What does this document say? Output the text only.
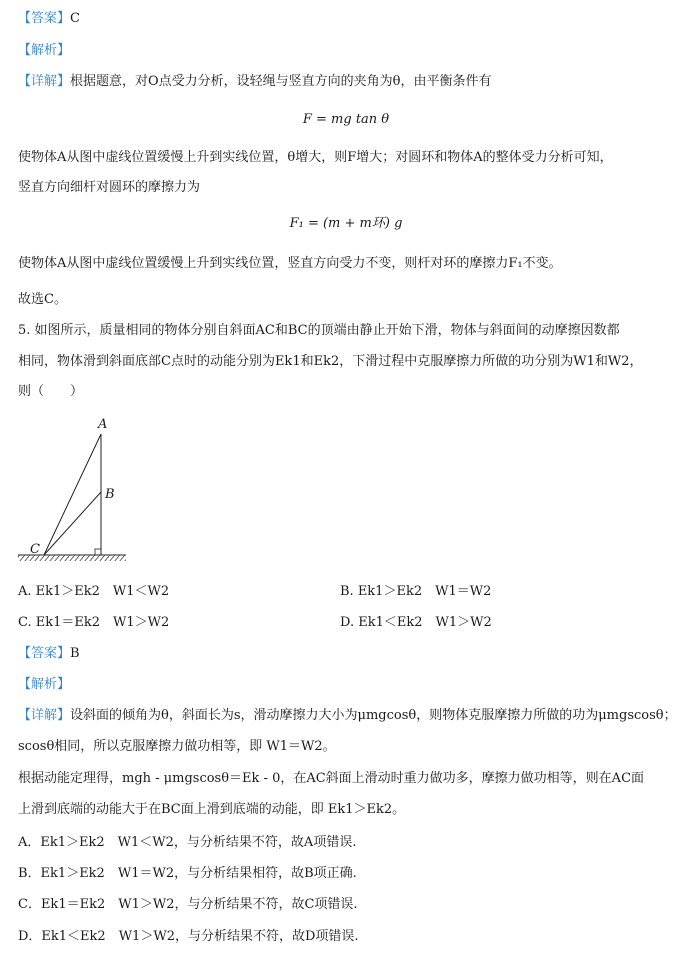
【答案】C
【解析】
【详解】根据题意，对O点受力分析，设轻绳与竖直方向的夹角为θ，由平衡条件有
F = mg tan θ
使物体A从图中虚线位置缓慢上升到实线位置，θ增大，则F增大；对圆环和物体A的整体受力分析可知，
竖直方向细杆对圆环的摩擦力为
F₁ = (m + m环) g
使物体A从图中虚线位置缓慢上升到实线位置，竖直方向受力不变，则杆对环的摩擦力F₁不变。
故选C。
5. 如图所示，质量相同的物体分别自斜面AC和BC的顶端由静止开始下滑，物体与斜面间的动摩擦因数都
相同，物体滑到斜面底部C点时的动能分别为Ek1和Ek2，下滑过程中克服摩擦力所做的功分别为W1和W2，
则（　　）
A
B
C
A. Ek1＞Ek2　W1＜W2	B. Ek1＞Ek2　W1＝W2
C. Ek1＝Ek2　W1＞W2	D. Ek1＜Ek2　W1＞W2
【答案】B
【解析】
【详解】设斜面的倾角为θ，斜面长为s，滑动摩擦力大小为μmgcosθ，则物体克服摩擦力所做的功为μmgscosθ；
scosθ相同，所以克服摩擦力做功相等，即 W1＝W2。
根据动能定理得，mgh - μmgscosθ＝Ek - 0，在AC斜面上滑动时重力做功多，摩擦力做功相等，则在AC面
上滑到底端的动能大于在BC面上滑到底端的动能，即 Ek1＞Ek2。
A．Ek1＞Ek2　W1＜W2，与分析结果不符，故A项错误.
B．Ek1＞Ek2　W1＝W2，与分析结果相符，故B项正确.
C．Ek1＝Ek2　W1＞W2，与分析结果不符，故C项错误.
D．Ek1＜Ek2　W1＞W2，与分析结果不符，故D项错误.
